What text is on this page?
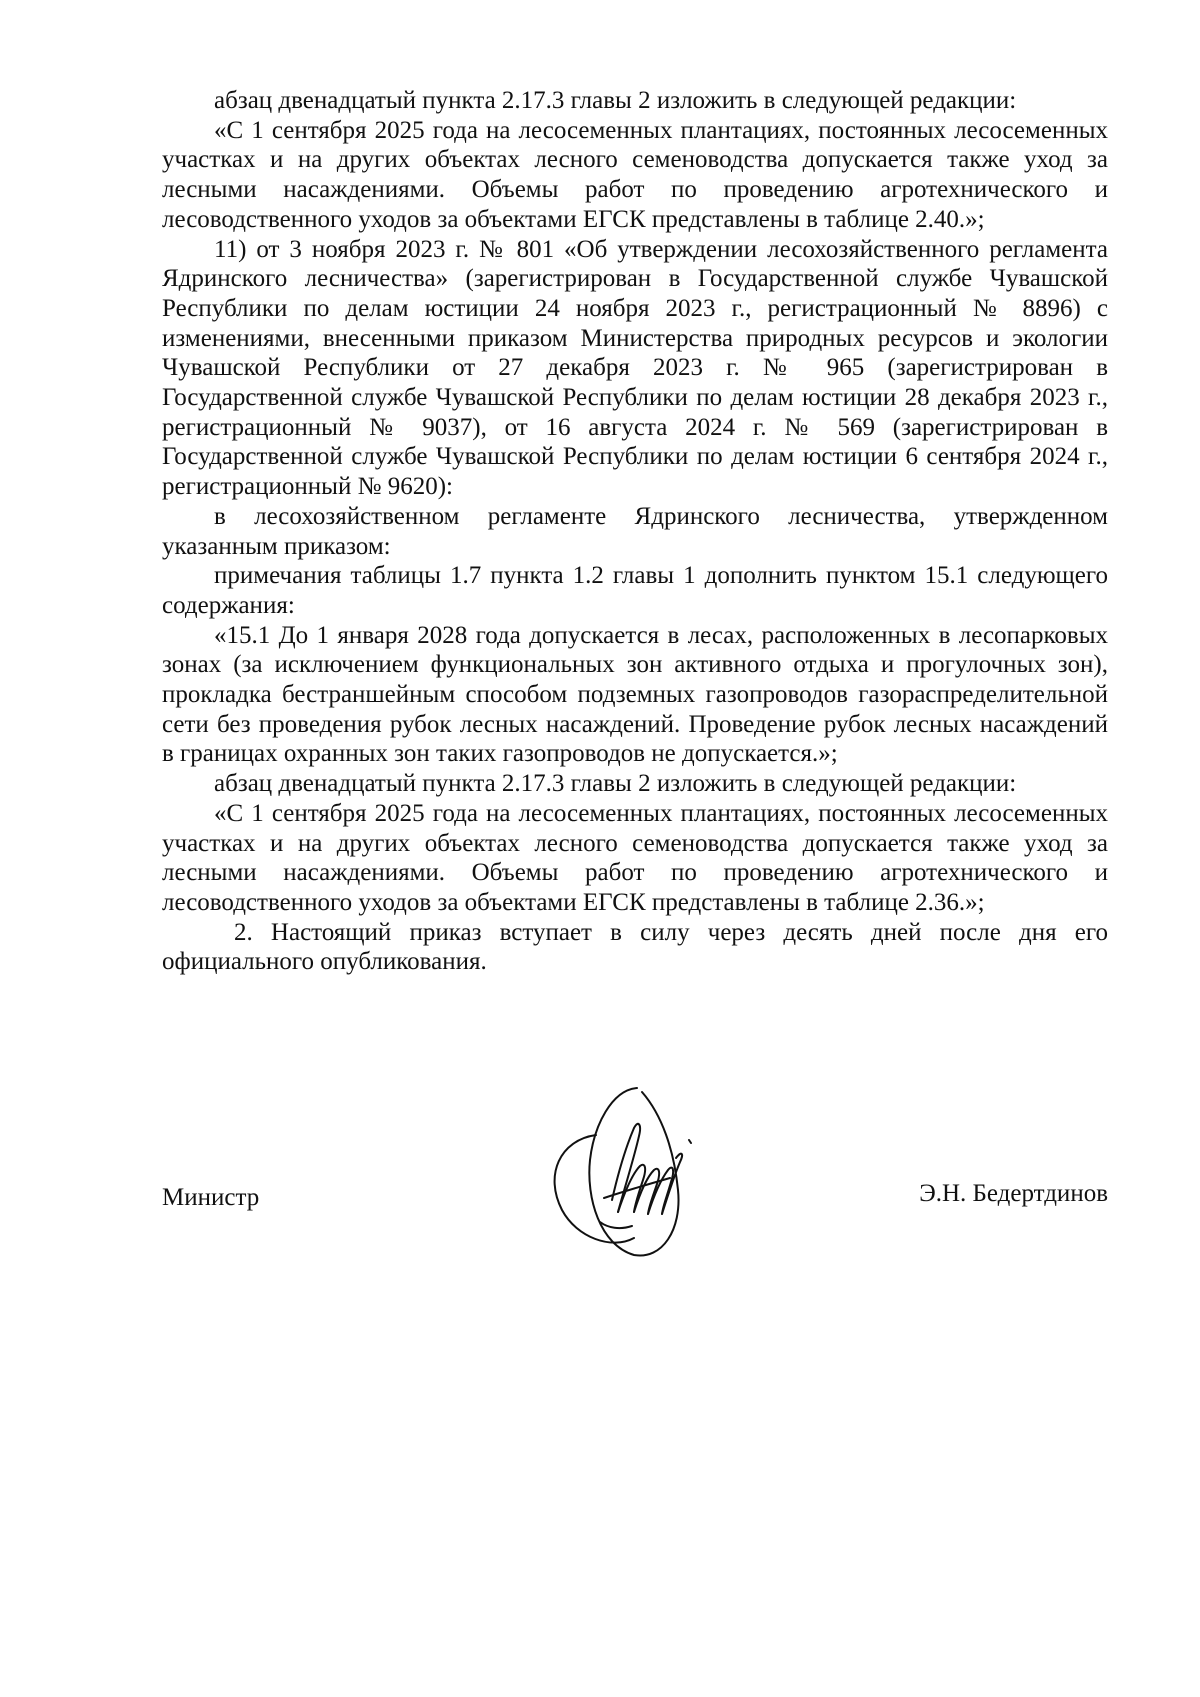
абзац двенадцатый пункта 2.17.3 главы 2 изложить в следующей редакции:

«С 1 сентября 2025 года на лесосеменных плантациях, постоянных лесосеменных участках и на других объектах лесного семеноводства допускается также уход за лесными насаждениями. Объемы работ по проведению агротехнического и лесоводственного уходов за объектами ЕГСК представлены в таблице 2.40.»;

11) от 3 ноября 2023 г. № 801 «Об утверждении лесохозяйственного регламента Ядринского лесничества» (зарегистрирован в Государственной службе Чувашской Республики по делам юстиции 24 ноября 2023 г., регистрационный № 8896) с изменениями, внесенными приказом Министерства природных ресурсов и экологии Чувашской Республики от 27 декабря 2023 г. № 965 (зарегистрирован в Государственной службе Чувашской Республики по делам юстиции 28 декабря 2023 г., регистрационный № 9037), от 16 августа 2024 г. № 569 (зарегистрирован в Государственной службе Чувашской Республики по делам юстиции 6 сентября 2024 г., регистрационный № 9620):

в лесохозяйственном регламенте Ядринского лесничества, утвержденном указанным приказом:

примечания таблицы 1.7 пункта 1.2 главы 1 дополнить пунктом 15.1 следующего содержания:

«15.1 До 1 января 2028 года допускается в лесах, расположенных в лесопарковых зонах (за исключением функциональных зон активного отдыха и прогулочных зон), прокладка бестраншейным способом подземных газопроводов газораспределительной сети без проведения рубок лесных насаждений. Проведение рубок лесных насаждений в границах охранных зон таких газопроводов не допускается.»;

абзац двенадцатый пункта 2.17.3 главы 2 изложить в следующей редакции:

«С 1 сентября 2025 года на лесосеменных плантациях, постоянных лесосеменных участках и на других объектах лесного семеноводства допускается также уход за лесными насаждениями. Объемы работ по проведению агротехнического и лесоводственного уходов за объектами ЕГСК представлены в таблице 2.36.»;

2. Настоящий приказ вступает в силу через десять дней после дня его официального опубликования.

Министр	Э.Н. Бедертдинов
